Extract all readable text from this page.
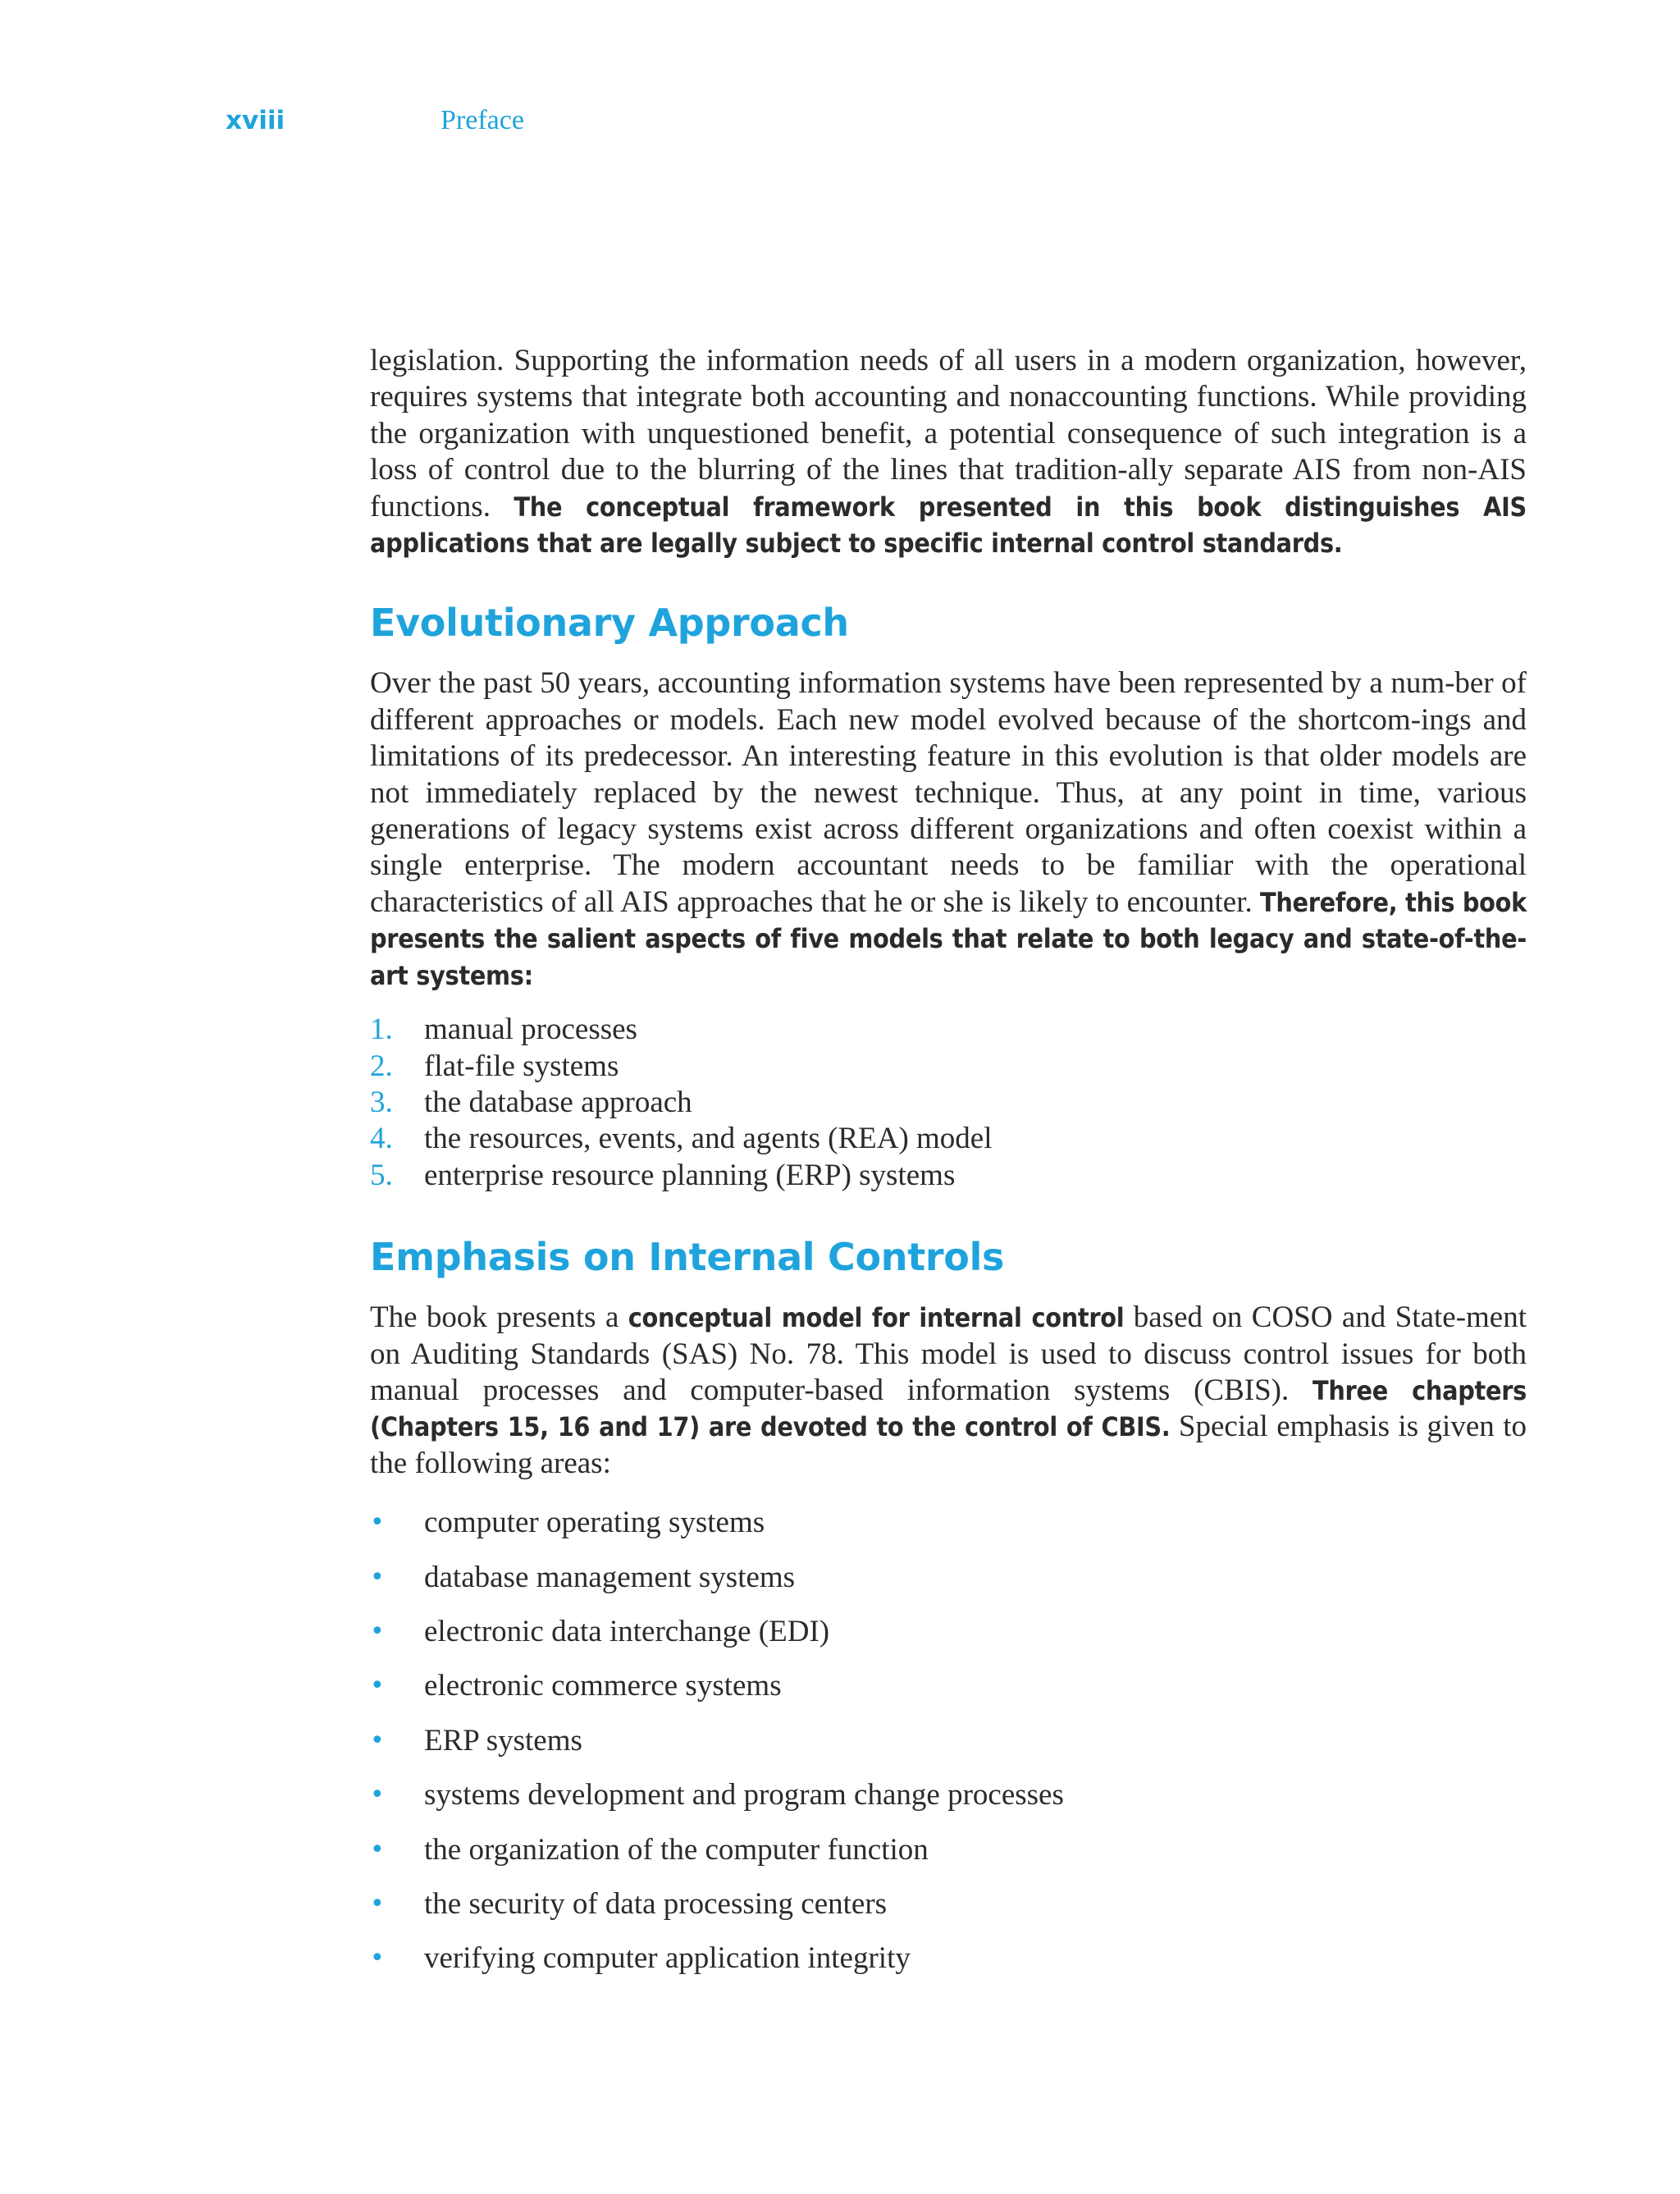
xviii	Preface

legislation. Supporting the information needs of all users in a modern organization, however, requires systems that integrate both accounting and nonaccounting functions. While providing the organization with unquestioned benefit, a potential consequence of such integration is a loss of control due to the blurring of the lines that tradition-ally separate AIS from non-AIS functions. The conceptual framework presented in this book distinguishes AIS applications that are legally subject to specific internal control standards.

Evolutionary Approach

Over the past 50 years, accounting information systems have been represented by a num-ber of different approaches or models. Each new model evolved because of the shortcom-ings and limitations of its predecessor. An interesting feature in this evolution is that older models are not immediately replaced by the newest technique. Thus, at any point in time, various generations of legacy systems exist across different organizations and often coexist within a single enterprise. The modern accountant needs to be familiar with the operational characteristics of all AIS approaches that he or she is likely to encounter. Therefore, this book presents the salient aspects of five models that relate to both legacy and state-of-the-art systems:

1.	manual processes
2.	flat-file systems
3.	the database approach
4.	the resources, events, and agents (REA) model
5.	enterprise resource planning (ERP) systems
Emphasis on Internal Controls

The book presents a conceptual model for internal control based on COSO and State-ment on Auditing Standards (SAS) No. 78. This model is used to discuss control issues for both manual processes and computer-based information systems (CBIS). Three chapters (Chapters 15, 16 and 17) are devoted to the control of CBIS. Special emphasis is given to the following areas:

•	computer operating systems
•	database management systems
•	electronic data interchange (EDI)
•	electronic commerce systems
•	ERP systems
•	systems development and program change processes
•	the organization of the computer function
•	the security of data processing centers
•	verifying computer application integrity
